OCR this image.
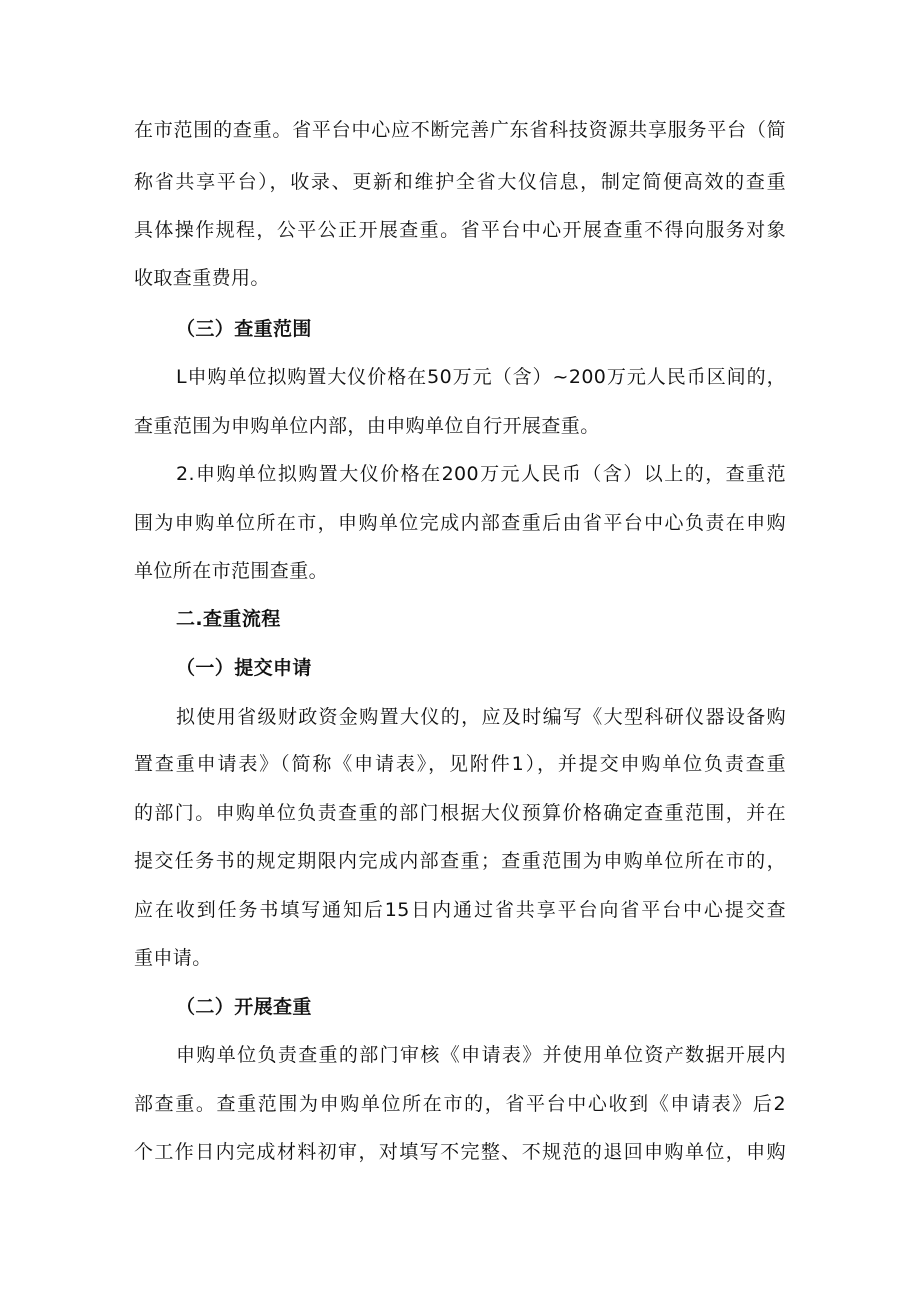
在市范围的查重。省平台中心应不断完善广东省科技资源共享服务平台（简
称省共享平台），收录、更新和维护全省大仪信息，制定简便高效的查重
具体操作规程，公平公正开展查重。省平台中心开展查重不得向服务对象
收取查重费用。
（三）查重范围
L申购单位拟购置大仪价格在50万元（含）~200万元人民币区间的，
查重范围为申购单位内部，由申购单位自行开展查重。
2.申购单位拟购置大仪价格在200万元人民币（含）以上的，查重范
围为申购单位所在市，申购单位完成内部查重后由省平台中心负责在申购
单位所在市范围查重。
二.查重流程
（一）提交申请
拟使用省级财政资金购置大仪的，应及时编写《大型科研仪器设备购
置查重申请表》（简称《申请表》，见附件1），并提交申购单位负责查重
的部门。申购单位负责查重的部门根据大仪预算价格确定查重范围，并在
提交任务书的规定期限内完成内部查重；查重范围为申购单位所在市的，
应在收到任务书填写通知后15日内通过省共享平台向省平台中心提交查
重申请。
（二）开展查重
申购单位负责查重的部门审核《申请表》并使用单位资产数据开展内
部查重。查重范围为申购单位所在市的，省平台中心收到《申请表》后2
个工作日内完成材料初审，对填写不完整、不规范的退回申购单位，申购
